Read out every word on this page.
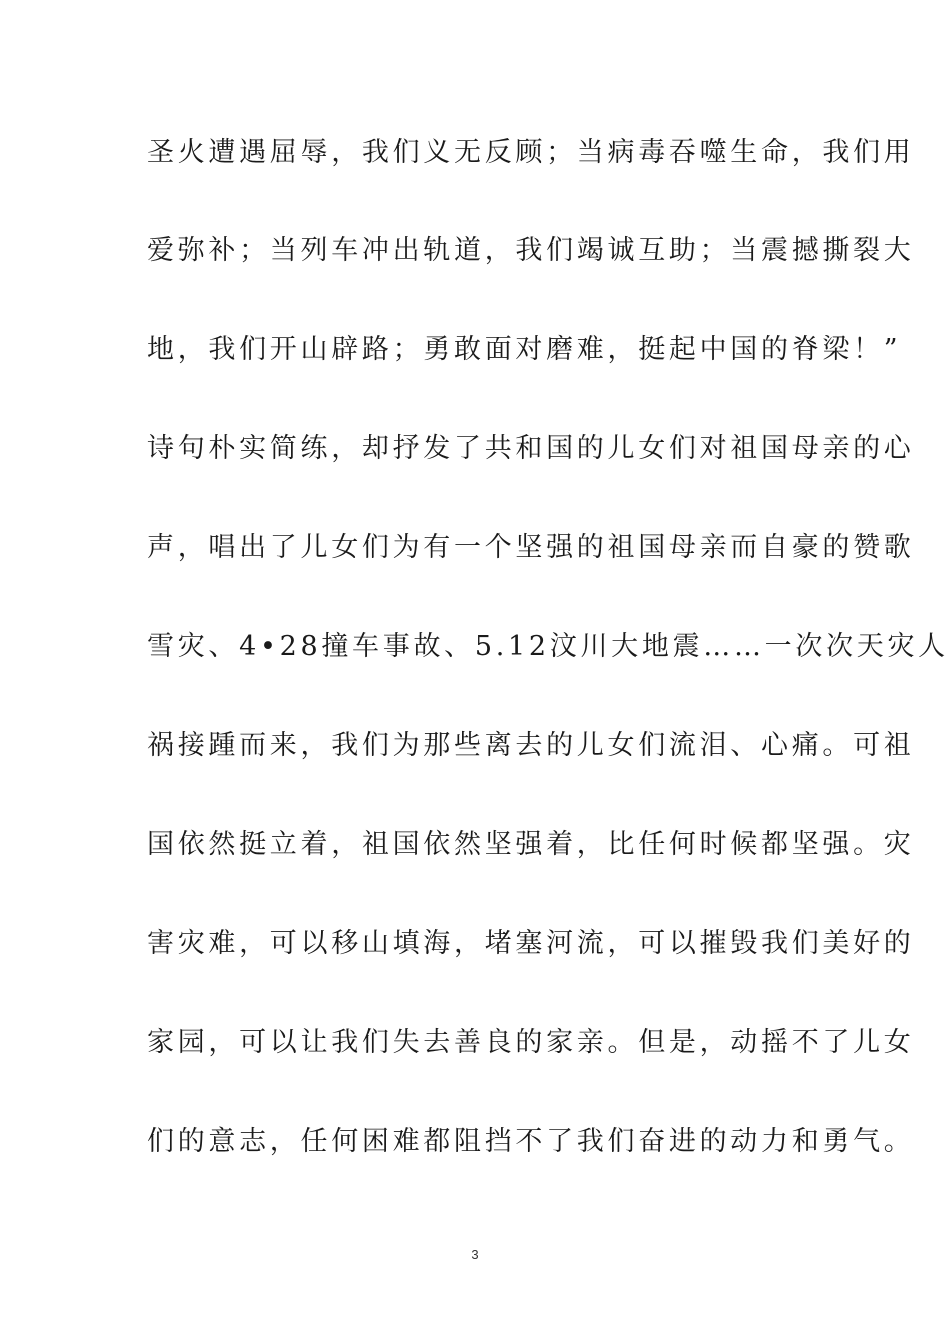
圣火遭遇屈辱，我们义无反顾；当病毒吞噬生命，我们用
爱弥补；当列车冲出轨道，我们竭诚互助；当震撼撕裂大
地，我们开山辟路；勇敢面对磨难，挺起中国的脊梁！”
诗句朴实简练，却抒发了共和国的儿女们对祖国母亲的心
声，唱出了儿女们为有一个坚强的祖国母亲而自豪的赞歌
雪灾、4•28撞车事故、5.12汶川大地震……一次次天灾人
祸接踵而来，我们为那些离去的儿女们流泪、心痛。可祖
国依然挺立着，祖国依然坚强着，比任何时候都坚强。灾
害灾难，可以移山填海，堵塞河流，可以摧毁我们美好的
家园，可以让我们失去善良的家亲。但是，动摇不了儿女
们的意志，任何困难都阻挡不了我们奋进的动力和勇气。
3
